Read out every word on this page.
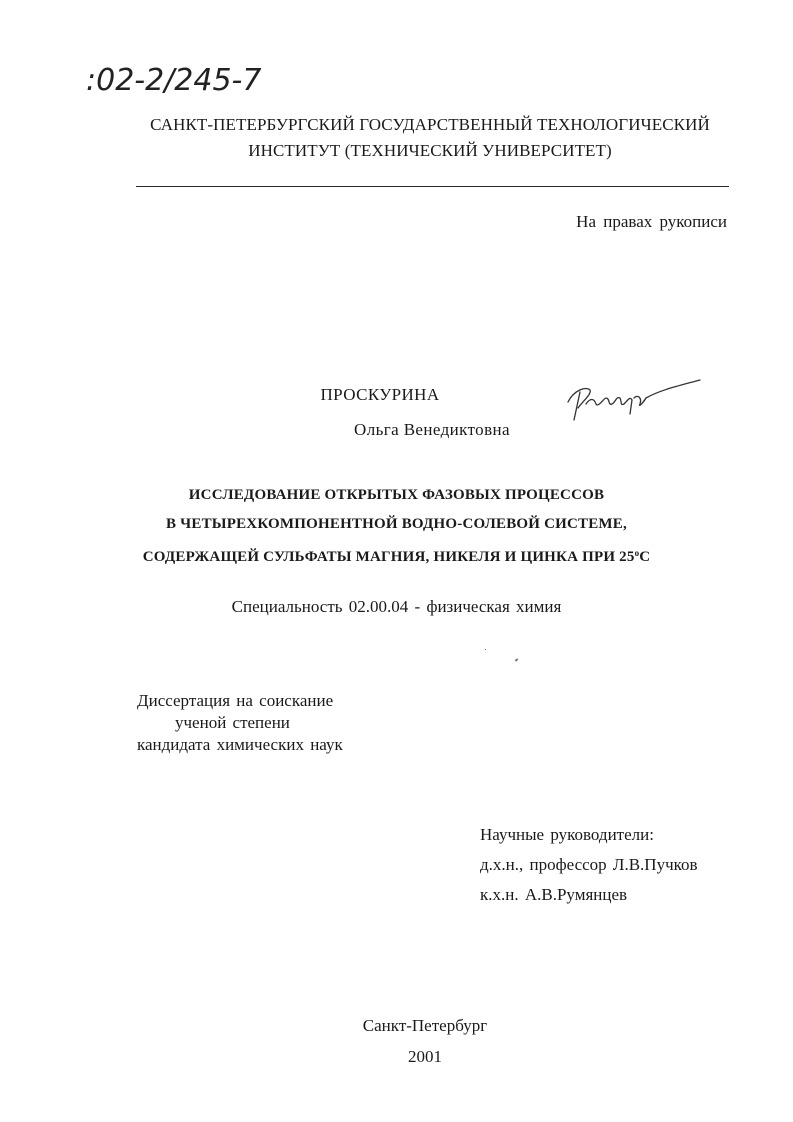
:02-2/245-7
САНКТ-ПЕТЕРБУРГСКИЙ ГОСУДАРСТВЕННЫЙ ТЕХНОЛОГИЧЕСКИЙ
ИНСТИТУТ (ТЕХНИЧЕСКИЙ УНИВЕРСИТЕТ)
На правах рукописи
ПРОСКУРИНА
Ольга Венедиктовна
ИССЛЕДОВАНИЕ ОТКРЫТЫХ ФАЗОВЫХ ПРОЦЕССОВ
В ЧЕТЫРЕХКОМПОНЕНТНОЙ ВОДНО-СОЛЕВОЙ СИСТЕМЕ,
СОДЕРЖАЩЕЙ СУЛЬФАТЫ МАГНИЯ, НИКЕЛЯ И ЦИНКА ПРИ $25^оС$
Специальность 02.00.04 - физическая химия
Диссертация на соискание
ученой степени
кандидата химических наук
Научные руководители:
д.х.н., профессор Л.В.Пучков
к.х.н. А.В.Румянцев
Санкт-Петербург
2001
